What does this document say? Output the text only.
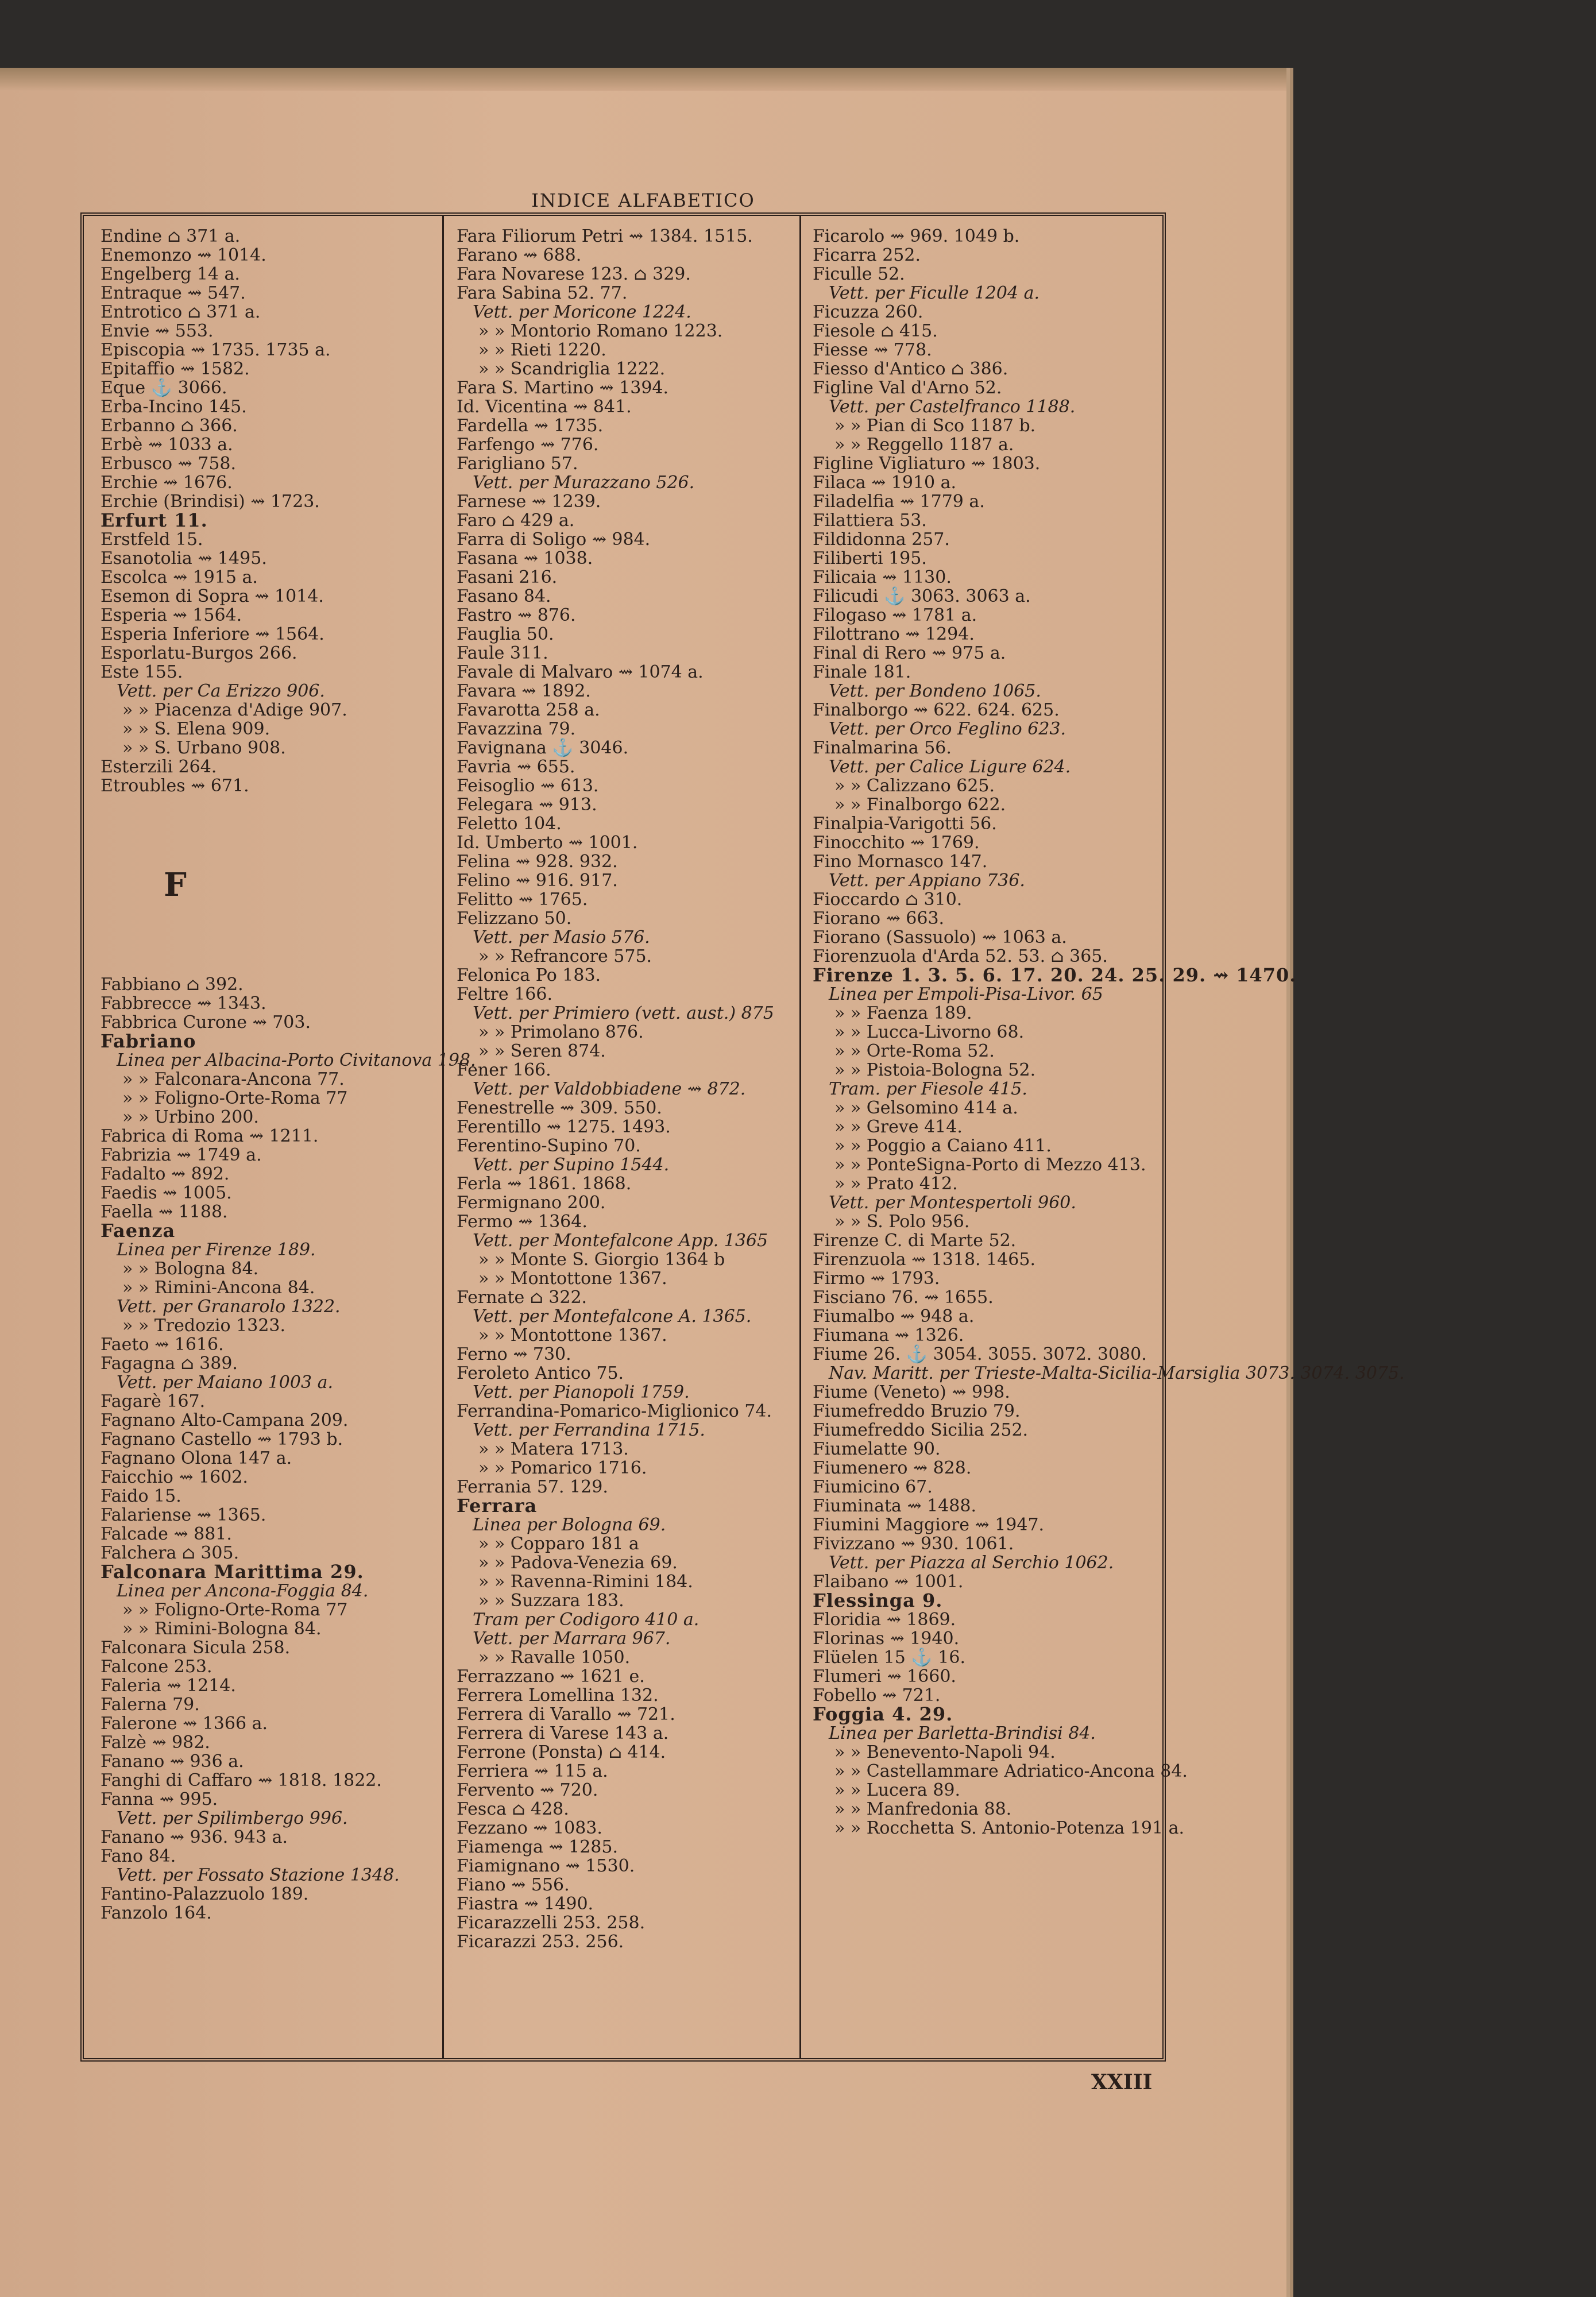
INDICE ALFABETICO
Endine ⌂ 371 a.
Enemonzo ⇝ 1014.
Engelberg 14 a.
Entraque ⇝ 547.
Entrotico ⌂ 371 a.
Envie ⇝ 553.
Episcopia ⇝ 1735. 1735 a.
Epitaffio ⇝ 1582.
Eque ⚓ 3066.
Erba-Incino 145.
Erbanno ⌂ 366.
Erbè ⇝ 1033 a.
Erbusco ⇝ 758.
Erchie ⇝ 1676.
Erchie (Brindisi) ⇝ 1723.
Erfurt 11.
Erstfeld 15.
Esanotolia ⇝ 1495.
Escolca ⇝ 1915 a.
Esemon di Sopra ⇝ 1014.
Esperia ⇝ 1564.
Esperia Inferiore ⇝ 1564.
Esporlatu-Burgos 266.
Este 155.
Vett. per Ca Erizzo 906.
» » Piacenza d'Adige 907.
» » S. Elena 909.
» » S. Urbano 908.
Esterzili 264.
Etroubles ⇝ 671.
F
Fabbiano ⌂ 392.
Fabbrecce ⇝ 1343.
Fabbrica Curone ⇝ 703.
Fabriano
Linea per Albacina-Porto Civitanova 198.
» » Falconara-Ancona 77.
» » Foligno-Orte-Roma 77
» » Urbino 200.
Fabrica di Roma ⇝ 1211.
Fabrizia ⇝ 1749 a.
Fadalto ⇝ 892.
Faedis ⇝ 1005.
Faella ⇝ 1188.
Faenza
Linea per Firenze 189.
» » Bologna 84.
» » Rimini-Ancona 84.
Vett. per Granarolo 1322.
» » Tredozio 1323.
Faeto ⇝ 1616.
Fagagna ⌂ 389.
Vett. per Maiano 1003 a.
Fagarè 167.
Fagnano Alto-Campana 209.
Fagnano Castello ⇝ 1793 b.
Fagnano Olona 147 a.
Faicchio ⇝ 1602.
Faido 15.
Falariense ⇝ 1365.
Falcade ⇝ 881.
Falchera ⌂ 305.
Falconara Marittima 29.
Linea per Ancona-Foggia 84.
» » Foligno-Orte-Roma 77
» » Rimini-Bologna 84.
Falconara Sicula 258.
Falcone 253.
Faleria ⇝ 1214.
Falerna 79.
Falerone ⇝ 1366 a.
Falzè ⇝ 982.
Fanano ⇝ 936 a.
Fanghi di Caffaro ⇝ 1818. 1822.
Fanna ⇝ 995.
Vett. per Spilimbergo 996.
Fanano ⇝ 936. 943 a.
Fano 84.
Vett. per Fossato Stazione 1348.
Fantino-Palazzuolo 189.
Fanzolo 164.
Fara Filiorum Petri ⇝ 1384. 1515.
Farano ⇝ 688.
Fara Novarese 123. ⌂ 329.
Fara Sabina 52. 77.
Vett. per Moricone 1224.
» » Montorio Romano 1223.
» » Rieti 1220.
» » Scandriglia 1222.
Fara S. Martino ⇝ 1394.
Id. Vicentina ⇝ 841.
Fardella ⇝ 1735.
Farfengo ⇝ 776.
Farigliano 57.
Vett. per Murazzano 526.
Farnese ⇝ 1239.
Faro ⌂ 429 a.
Farra di Soligo ⇝ 984.
Fasana ⇝ 1038.
Fasani 216.
Fasano 84.
Fastro ⇝ 876.
Fauglia 50.
Faule 311.
Favale di Malvaro ⇝ 1074 a.
Favara ⇝ 1892.
Favarotta 258 a.
Favazzina 79.
Favignana ⚓ 3046.
Favria ⇝ 655.
Feisoglio ⇝ 613.
Felegara ⇝ 913.
Feletto 104.
Id. Umberto ⇝ 1001.
Felina ⇝ 928. 932.
Felino ⇝ 916. 917.
Felitto ⇝ 1765.
Felizzano 50.
Vett. per Masio 576.
» » Refrancore 575.
Felonica Po 183.
Feltre 166.
Vett. per Primiero (vett. aust.) 875
» » Primolano 876.
» » Seren 874.
Fener 166.
Vett. per Valdobbiadene ⇝ 872.
Fenestrelle ⇝ 309. 550.
Ferentillo ⇝ 1275. 1493.
Ferentino-Supino 70.
Vett. per Supino 1544.
Ferla ⇝ 1861. 1868.
Fermignano 200.
Fermo ⇝ 1364.
Vett. per Montefalcone App. 1365
» » Monte S. Giorgio 1364 b
» » Montottone 1367.
Fernate ⌂ 322.
Vett. per Montefalcone A. 1365.
» » Montottone 1367.
Ferno ⇝ 730.
Feroleto Antico 75.
Vett. per Pianopoli 1759.
Ferrandina-Pomarico-Miglionico 74.
Vett. per Ferrandina 1715.
» » Matera 1713.
» » Pomarico 1716.
Ferrania 57. 129.
Ferrara
Linea per Bologna 69.
» » Copparo 181 a
» » Padova-Venezia 69.
» » Ravenna-Rimini 184.
» » Suzzara 183.
Tram per Codigoro 410 a.
Vett. per Marrara 967.
» » Ravalle 1050.
Ferrazzano ⇝ 1621 e.
Ferrera Lomellina 132.
Ferrera di Varallo ⇝ 721.
Ferrera di Varese 143 a.
Ferrone (Ponsta) ⌂ 414.
Ferriera ⇝ 115 a.
Fervento ⇝ 720.
Fesca ⌂ 428.
Fezzano ⇝ 1083.
Fiamenga ⇝ 1285.
Fiamignano ⇝ 1530.
Fiano ⇝ 556.
Fiastra ⇝ 1490.
Ficarazzelli 253. 258.
Ficarazzi 253. 256.
Ficarolo ⇝ 969. 1049 b.
Ficarra 252.
Ficulle 52.
Vett. per Ficulle 1204 a.
Ficuzza 260.
Fiesole ⌂ 415.
Fiesse ⇝ 778.
Fiesso d'Antico ⌂ 386.
Figline Val d'Arno 52.
Vett. per Castelfranco 1188.
» » Pian di Sco 1187 b.
» » Reggello 1187 a.
Figline Vigliaturo ⇝ 1803.
Filaca ⇝ 1910 a.
Filadelfia ⇝ 1779 a.
Filattiera 53.
Fildidonna 257.
Filiberti 195.
Filicaia ⇝ 1130.
Filicudi ⚓ 3063. 3063 a.
Filogaso ⇝ 1781 a.
Filottrano ⇝ 1294.
Final di Rero ⇝ 975 a.
Finale 181.
Vett. per Bondeno 1065.
Finalborgo ⇝ 622. 624. 625.
Vett. per Orco Feglino 623.
Finalmarina 56.
Vett. per Calice Ligure 624.
» » Calizzano 625.
» » Finalborgo 622.
Finalpia-Varigotti 56.
Finocchito ⇝ 1769.
Fino Mornasco 147.
Vett. per Appiano 736.
Fioccardo ⌂ 310.
Fiorano ⇝ 663.
Fiorano (Sassuolo) ⇝ 1063 a.
Fiorenzuola d'Arda 52. 53. ⌂ 365.
Firenze 1. 3. 5. 6. 17. 20. 24. 25. 29. ⇝ 1470.
Linea per Empoli-Pisa-Livor. 65
» » Faenza 189.
» » Lucca-Livorno 68.
» » Orte-Roma 52.
» » Pistoia-Bologna 52.
Tram. per Fiesole 415.
» » Gelsomino 414 a.
» » Greve 414.
» » Poggio a Caiano 411.
» » PonteSigna-Porto di Mezzo 413.
» » Prato 412.
Vett. per Montespertoli 960.
» » S. Polo 956.
Firenze C. di Marte 52.
Firenzuola ⇝ 1318. 1465.
Firmo ⇝ 1793.
Fisciano 76. ⇝ 1655.
Fiumalbo ⇝ 948 a.
Fiumana ⇝ 1326.
Fiume 26. ⚓ 3054. 3055. 3072. 3080.
Nav. Maritt. per Trieste-Malta-Sicilia-Marsiglia 3073. 3074. 3075.
Fiume (Veneto) ⇝ 998.
Fiumefreddo Bruzio 79.
Fiumefreddo Sicilia 252.
Fiumelatte 90.
Fiumenero ⇝ 828.
Fiumicino 67.
Fiuminata ⇝ 1488.
Fiumini Maggiore ⇝ 1947.
Fivizzano ⇝ 930. 1061.
Vett. per Piazza al Serchio 1062.
Flaibano ⇝ 1001.
Flessinga 9.
Floridia ⇝ 1869.
Florinas ⇝ 1940.
Flüelen 15 ⚓ 16.
Flumeri ⇝ 1660.
Fobello ⇝ 721.
Foggia 4. 29.
Linea per Barletta-Brindisi 84.
» » Benevento-Napoli 94.
» » Castellammare Adriatico-Ancona 84.
» » Lucera 89.
» » Manfredonia 88.
» » Rocchetta S. Antonio-Potenza 191 a.
XXIII
